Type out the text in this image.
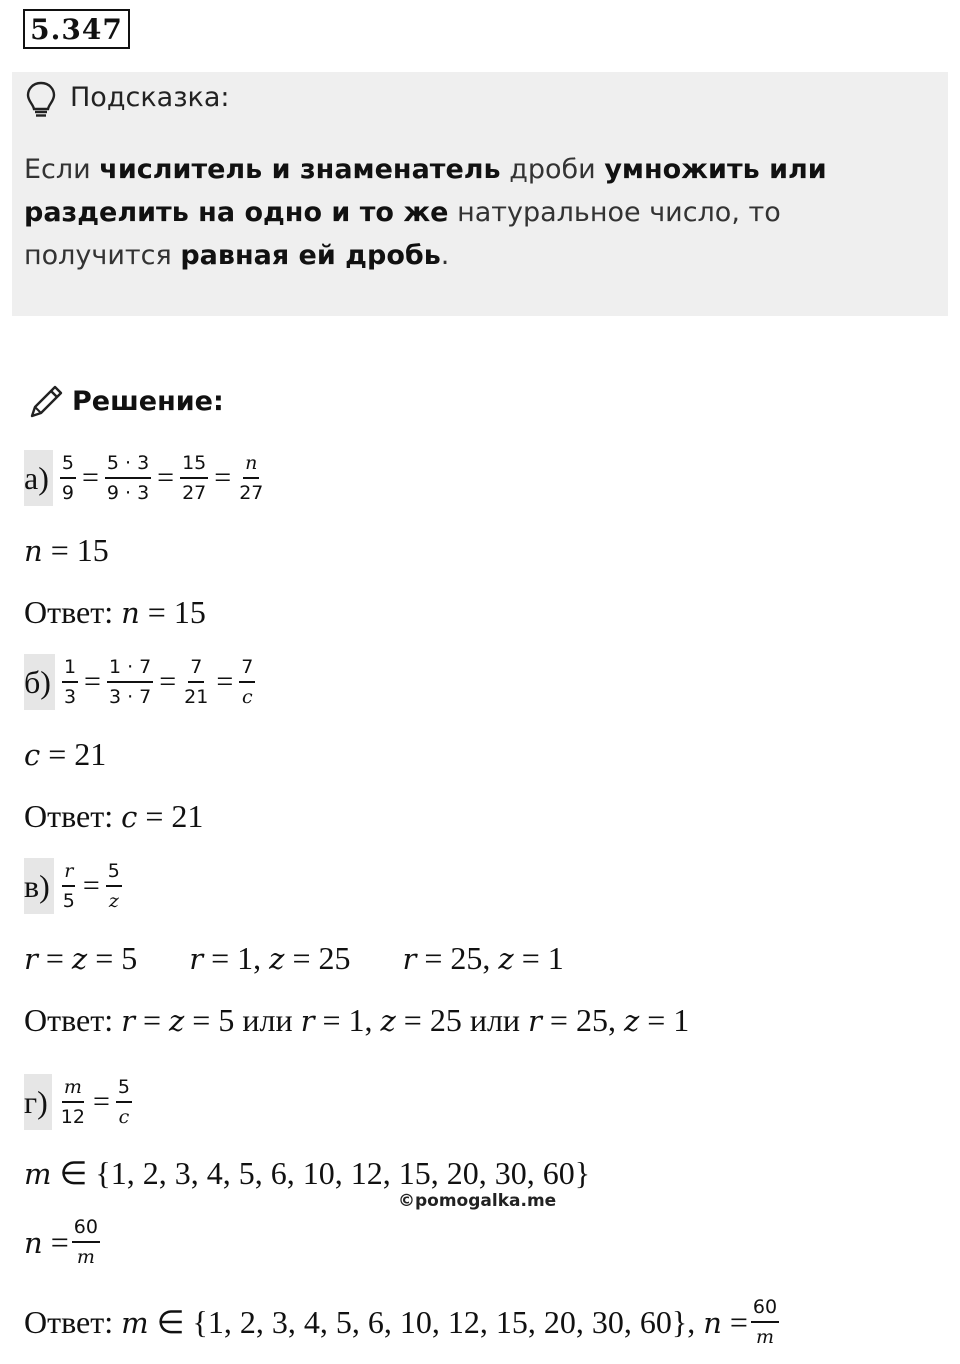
5.347
Подсказка:
Если числитель и знаменатель дроби умножить или разделить на одно и то же натуральное число, то получится равная ей дробь.
Решение:
$а) \frac{5}{9} = \frac{5 \cdot 3}{9 \cdot 3} = \frac{15}{27} = \frac{n}{27}$
n = 15
Ответ: n = 15
$б) \frac{1}{3} = \frac{1 \cdot 7}{3 \cdot 7} = \frac{7}{21} = \frac{7}{c}$
c = 21
Ответ: c = 21
$в) \frac{r}{5} = \frac{5}{z}$
r = z = 5 r = 1, z = 25 r = 25, z = 1
Ответ: r = z = 5 или r = 1, z = 25 или r = 25, z = 1
$г) \frac{m}{12} = \frac{5}{c}$
m ∈ {1, 2, 3, 4, 5, 6, 10, 12, 15, 20, 30, 60}
©pomogalka.me
$n = \frac{60}{m}$
Ответ: m ∈ {1, 2, 3, 4, 5, 6, 10, 12, 15, 20, 30, 60}, $n = \frac{60}{m}$
